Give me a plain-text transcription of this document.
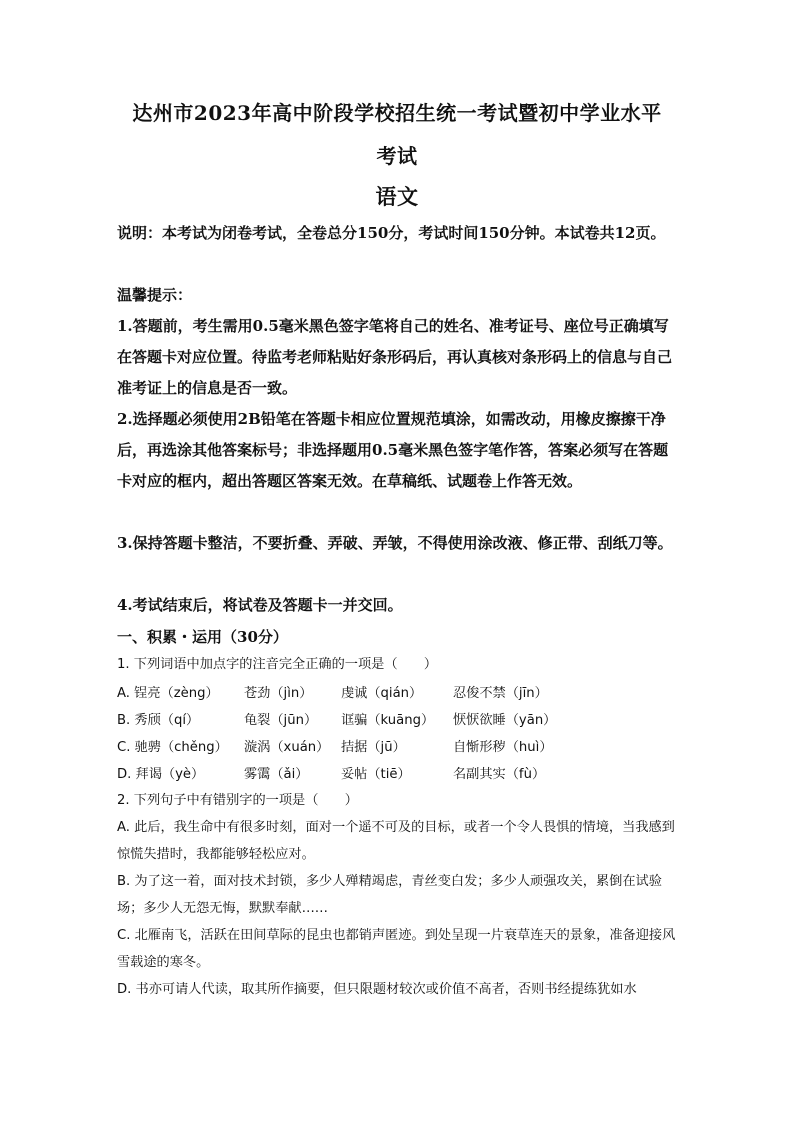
达州市2023年高中阶段学校招生统一考试暨初中学业水平
考试
语文
说明：本考试为闭卷考试，全卷总分150分，考试时间150分钟。本试卷共12页。
温馨提示：
1.答题前，考生需用0.5毫米黑色签字笔将自己的姓名、准考证号、座位号正确填写在答题卡对应位置。待监考老师粘贴好条形码后，再认真核对条形码上的信息与自己准考证上的信息是否一致。
2.选择题必须使用2B铅笔在答题卡相应位置规范填涂，如需改动，用橡皮擦擦干净后，再选涂其他答案标号；非选择题用0.5毫米黑色签字笔作答，答案必须写在答题卡对应的框内，超出答题区答案无效。在草稿纸、试题卷上作答无效。
3.保持答题卡整洁，不要折叠、弄破、弄皱，不得使用涂改液、修正带、刮纸刀等。
4.考试结束后，将试卷及答题卡一并交回。
一、积累・运用（30分）
1. 下列词语中加点字的注音完全正确的一项是（　　）
A. 锃亮（zèng）	苍劲（jìn）	虔诚（qián）	忍俊不禁（jīn）
B. 秀颀（qí）	龟裂（jūn）	诓骗（kuāng）	恹恹欲睡（yān）
C. 驰骋（chěng）	漩涡（xuán） 拮据（jū）	自惭形秽（huì）
D. 拜谒（yè）	雾霭（ǎi）	妥帖（tiē）	名副其实（fù）
2. 下列句子中有错别字的一项是（　　）

A. 此后，我生命中有很多时刻，面对一个遥不可及的目标，或者一个令人畏惧的情境，当我感到惊慌失措时，我都能够轻松应对。

B. 为了这一着，面对技术封锁，多少人殚精竭虑，青丝变白发；多少人顽强攻关，累倒在试验场；多少人无怨无悔，默默奉献……

C. 北雁南飞，活跃在田间草际的昆虫也都销声匿迹。到处呈现一片衰草连天的景象，准备迎接风雪载途的寒冬。

D. 书亦可请人代读，取其所作摘要，但只限题材较次或价值不高者，否则书经提练犹如水
